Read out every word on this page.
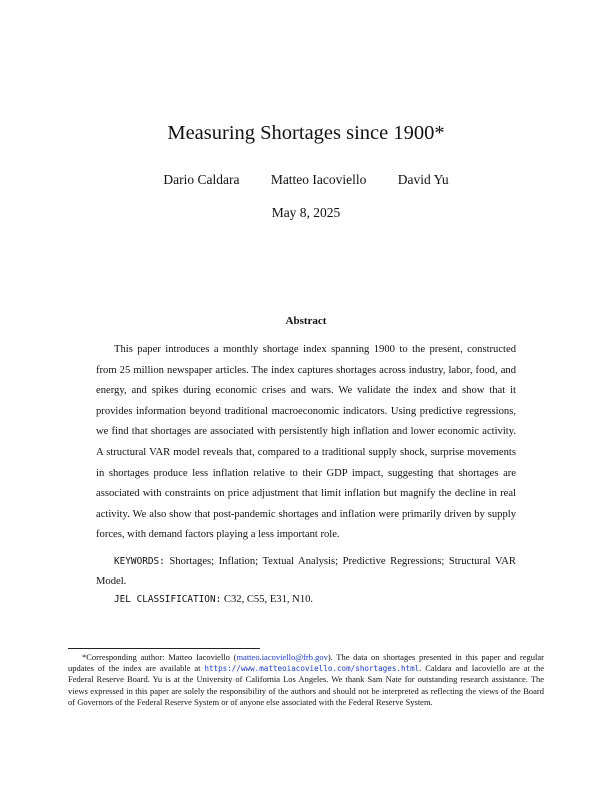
Measuring Shortages since 1900*
Dario Caldara Matteo Iacoviello David Yu
May 8, 2025
Abstract

This paper introduces a monthly shortage index spanning 1900 to the present, constructed from 25 million newspaper articles. The index captures shortages across industry, labor, food, and energy, and spikes during economic crises and wars. We validate the index and show that it provides information beyond traditional macroeconomic indicators. Using predictive regressions, we find that shortages are associated with persistently high inflation and lower economic activity. A structural VAR model reveals that, compared to a traditional supply shock, surprise movements in shortages produce less inflation relative to their GDP impact, suggesting that shortages are associated with constraints on price adjustment that limit inflation but magnify the decline in real activity. We also show that post-pandemic shortages and inflation were primarily driven by supply forces, with demand factors playing a less important role.

KEYWORDS: Shortages; Inflation; Textual Analysis; Predictive Regressions; Structural VAR Model.

JEL CLASSIFICATION: C32, C55, E31, N10.

*Corresponding author: Matteo Iacoviello (matteo.iacoviello@frb.gov). The data on shortages presented in this paper and regular updates of the index are available at https://www.matteoiacoviello.com/shortages.html. Caldara and Iacoviello are at the Federal Reserve Board. Yu is at the University of California Los Angeles. We thank Sam Nate for outstanding research assistance. The views expressed in this paper are solely the responsibility of the authors and should not be interpreted as reflecting the views of the Board of Governors of the Federal Reserve System or of anyone else associated with the Federal Reserve System.
